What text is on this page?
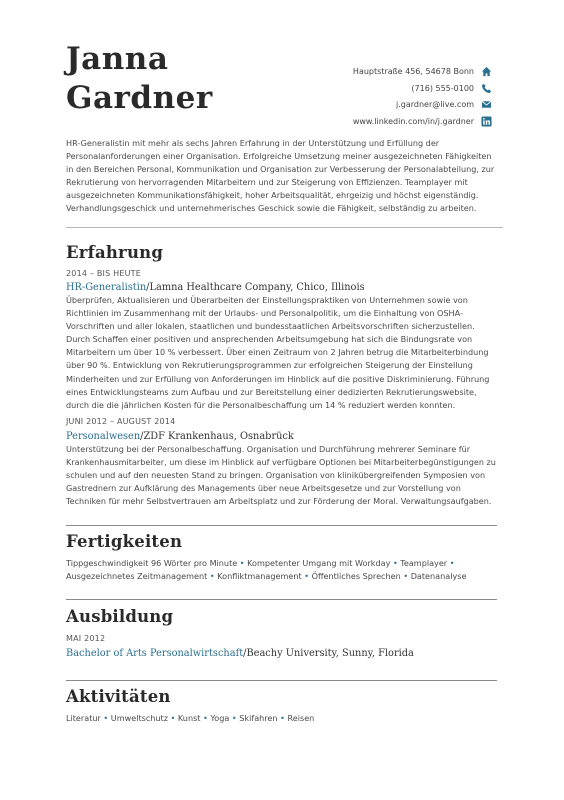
Janna
Gardner
Hauptstraße 456, 54678 Bonn
(716) 555-0100
j.gardner@live.com
www.linkedin.com/in/j.gardner

HR-Generalistin mit mehr als sechs Jahren Erfahrung in der Unterstützung und Erfüllung der Personalanforderungen einer Organisation. Erfolgreiche Umsetzung meiner ausgezeichneten Fähigkeiten in den Bereichen Personal, Kommunikation und Organisation zur Verbesserung der Personalabteilung, zur Rekrutierung von hervorragenden Mitarbeitern und zur Steigerung von Effizienzen. Teamplayer mit ausgezeichneten Kommunikationsfähigkeit, hoher Arbeitsqualität, ehrgeizig und höchst eigenständig. Verhandlungsgeschick und unternehmerisches Geschick sowie die Fähigkeit, selbständig zu arbeiten.

Erfahrung
2014 – BIS HEUTE
HR-Generalistin/Lamna Healthcare Company, Chico, Illinois

Überprüfen, Aktualisieren und Überarbeiten der Einstellungspraktiken von Unternehmen sowie von Richtlinien im Zusammenhang mit der Urlaubs- und Personalpolitik, um die Einhaltung von OSHA-Vorschriften und aller lokalen, staatlichen und bundesstaatlichen Arbeitsvorschriften sicherzustellen. Durch Schaffen einer positiven und ansprechenden Arbeitsumgebung hat sich die Bindungsrate von Mitarbeitern um über 10 % verbessert. Über einen Zeitraum von 2 Jahren betrug die Mitarbeiterbindung über 90 %. Entwicklung von Rekrutierungsprogrammen zur erfolgreichen Steigerung der Einstellung Minderheiten und zur Erfüllung von Anforderungen im Hinblick auf die positive Diskriminierung. Führung eines Entwicklungsteams zum Aufbau und zur Bereitstellung einer dedizierten Rekrutierungswebsite, durch die die jährlichen Kosten für die Personalbeschaffung um 14 % reduziert werden konnten.

JUNI 2012 – AUGUST 2014
Personalwesen/ZDF Krankenhaus, Osnabrück

Unterstützung bei der Personalbeschaffung. Organisation und Durchführung mehrerer Seminare für Krankenhausmitarbeiter, um diese im Hinblick auf verfügbare Optionen bei Mitarbeiterbegünstigungen zu schulen und auf den neuesten Stand zu bringen. Organisation von klinikübergreifenden Symposien von Gastrednern zur Aufklärung des Managements über neue Arbeitsgesetze und zur Vorstellung von Techniken für mehr Selbstvertrauen am Arbeitsplatz und zur Förderung der Moral. Verwaltungsaufgaben.

Fertigkeiten

Tippgeschwindigkeit 96 Wörter pro Minute • Kompetenter Umgang mit Workday • Teamplayer •
Ausgezeichnetes Zeitmanagement • Konfliktmanagement • Öffentliches Sprechen • Datenanalyse

Ausbildung
MAI 2012
Bachelor of Arts Personalwirtschaft/Beachy University, Sunny, Florida
Aktivitäten

Literatur • Umweltschutz • Kunst • Yoga • Skifahren • Reisen
